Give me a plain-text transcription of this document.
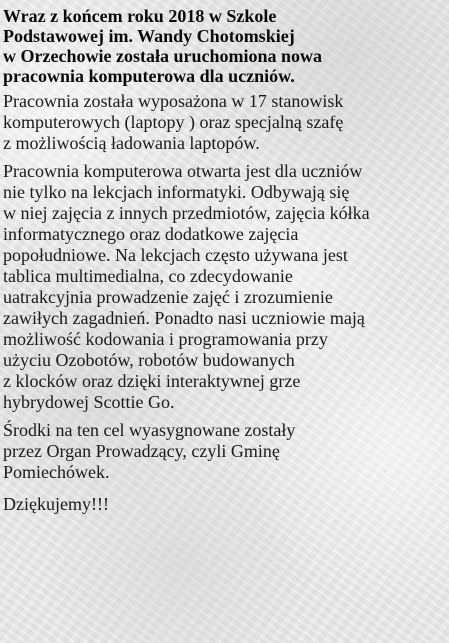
Wraz z końcem roku 2018 w Szkole
Podstawowej im. Wandy Chotomskiej
w Orzechowie została uruchomiona nowa
pracownia komputerowa dla uczniów.

Pracownia została wyposażona w 17 stanowisk
komputerowych (laptopy ) oraz specjalną szafę
z możliwością ładowania laptopów.

Pracownia komputerowa otwarta jest dla uczniów
nie tylko na lekcjach informatyki. Odbywają się
w niej zajęcia z innych przedmiotów, zajęcia kółka
informatycznego oraz dodatkowe zajęcia
popołudniowe. Na lekcjach często używana jest
tablica multimedialna, co zdecydowanie
uatrakcyjnia prowadzenie zajęć i zrozumienie
zawiłych zagadnień. Ponadto nasi uczniowie mają
możliwość kodowania i programowania przy
użyciu Ozobotów, robotów budowanych
z klocków oraz dzięki interaktywnej grze
hybrydowej Scottie Go.

Środki na ten cel wyasygnowane zostały
przez Organ Prowadzący, czyli Gminę
Pomiechówek.

Dziękujemy!!!
